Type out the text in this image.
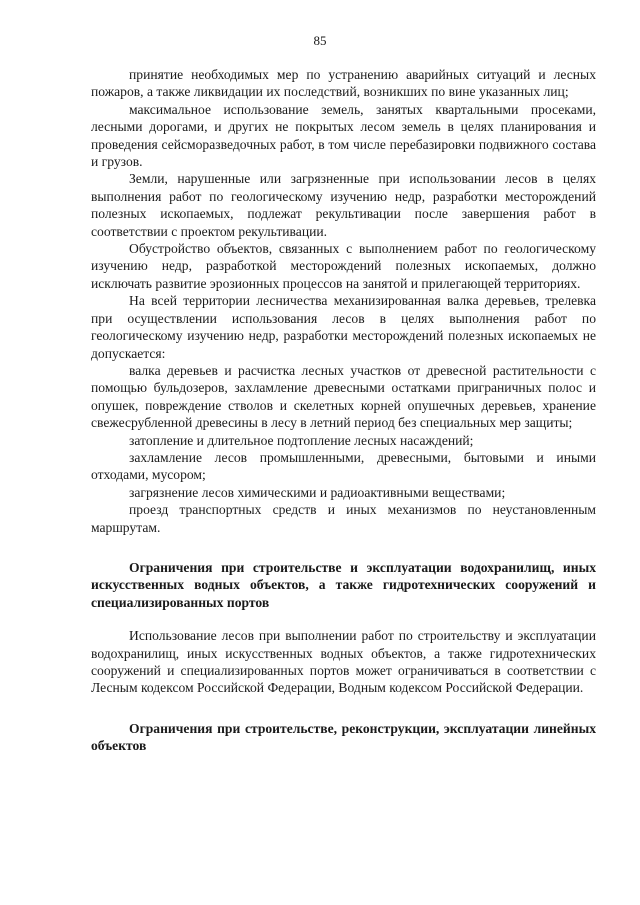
85

принятие необходимых мер по устранению аварийных ситуаций и лесных пожаров, а также ликвидации их последствий, возникших по вине указанных лиц;

максимальное использование земель, занятых квартальными просеками, лесными дорогами, и других не покрытых лесом земель в целях планирования и проведения сейсморазведочных работ, в том числе перебазировки подвижного состава и грузов.

Земли, нарушенные или загрязненные при использовании лесов в целях выполнения работ по геологическому изучению недр, разработки месторождений полезных ископаемых, подлежат рекультивации после завершения работ в соответствии с проектом рекультивации.

Обустройство объектов, связанных с выполнением работ по геологическому изучению недр, разработкой месторождений полезных ископаемых, должно исключать развитие эрозионных процессов на занятой и прилегающей территориях.

На всей территории лесничества механизированная валка деревьев, трелевка при осуществлении использования лесов в целях выполнения работ по геологическому изучению недр, разработки месторождений полезных ископаемых не допускается:

валка деревьев и расчистка лесных участков от древесной растительности с помощью бульдозеров, захламление древесными остатками приграничных полос и опушек, повреждение стволов и скелетных корней опушечных деревьев, хранение свежесрубленной древесины в лесу в летний период без специальных мер защиты;

затопление и длительное подтопление лесных насаждений;

захламление лесов промышленными, древесными, бытовыми и иными отходами, мусором;

загрязнение лесов химическими и радиоактивными веществами;

проезд транспортных средств и иных механизмов по неустановленным маршрутам.

Ограничения при строительстве и эксплуатации водохранилищ, иных искусственных водных объектов, а также гидротехнических сооружений и специализированных портов

Использование лесов при выполнении работ по строительству и эксплуатации водохранилищ, иных искусственных водных объектов, а также гидротехнических сооружений и специализированных портов может ограничиваться в соответствии с Лесным кодексом Российской Федерации, Водным кодексом Российской Федерации.

Ограничения при строительстве, реконструкции, эксплуатации линейных объектов
